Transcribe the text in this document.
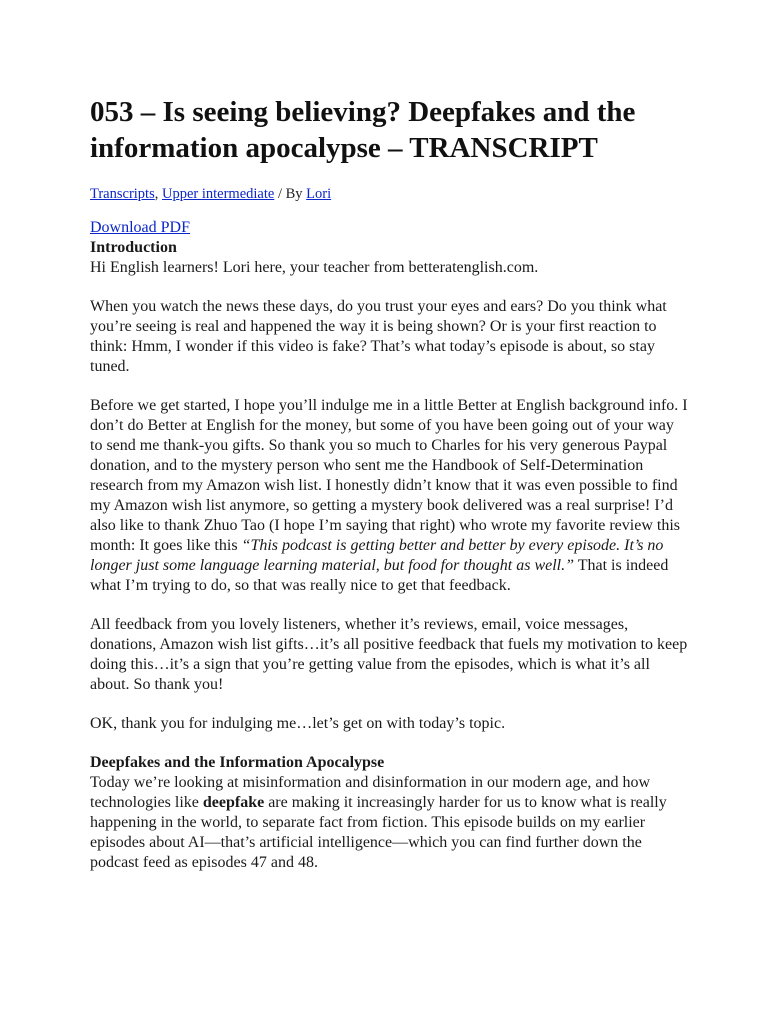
053 – Is seeing believing? Deepfakes and the information apocalypse – TRANSCRIPT
Transcripts, Upper intermediate / By Lori
Download PDF
Introduction

Hi English learners! Lori here, your teacher from betteratenglish.com.

When you watch the news these days, do you trust your eyes and ears? Do you think what you’re seeing is real and happened the way it is being shown? Or is your first reaction to think: Hmm, I wonder if this video is fake? That’s what today’s episode is about, so stay tuned.

Before we get started, I hope you’ll indulge me in a little Better at English background info. I don’t do Better at English for the money, but some of you have been going out of your way to send me thank-you gifts. So thank you so much to Charles for his very generous Paypal donation, and to the mystery person who sent me the Handbook of Self-Determination research from my Amazon wish list. I honestly didn’t know that it was even possible to find my Amazon wish list anymore, so getting a mystery book delivered was a real surprise! I’d also like to thank Zhuo Tao (I hope I’m saying that right) who wrote my favorite review this month: It goes like this “This podcast is getting better and better by every episode. It’s no longer just some language learning material, but food for thought as well.” That is indeed what I’m trying to do, so that was really nice to get that feedback.

All feedback from you lovely listeners, whether it’s reviews, email, voice messages, donations, Amazon wish list gifts…it’s all positive feedback that fuels my motivation to keep doing this…it’s a sign that you’re getting value from the episodes, which is what it’s all about. So thank you!

OK, thank you for indulging me…let’s get on with today’s topic.

Deepfakes and the Information Apocalypse

Today we’re looking at misinformation and disinformation in our modern age, and how technologies like deepfake are making it increasingly harder for us to know what is really happening in the world, to separate fact from fiction. This episode builds on my earlier episodes about AI—that’s artificial intelligence—which you can find further down the podcast feed as episodes 47 and 48.
